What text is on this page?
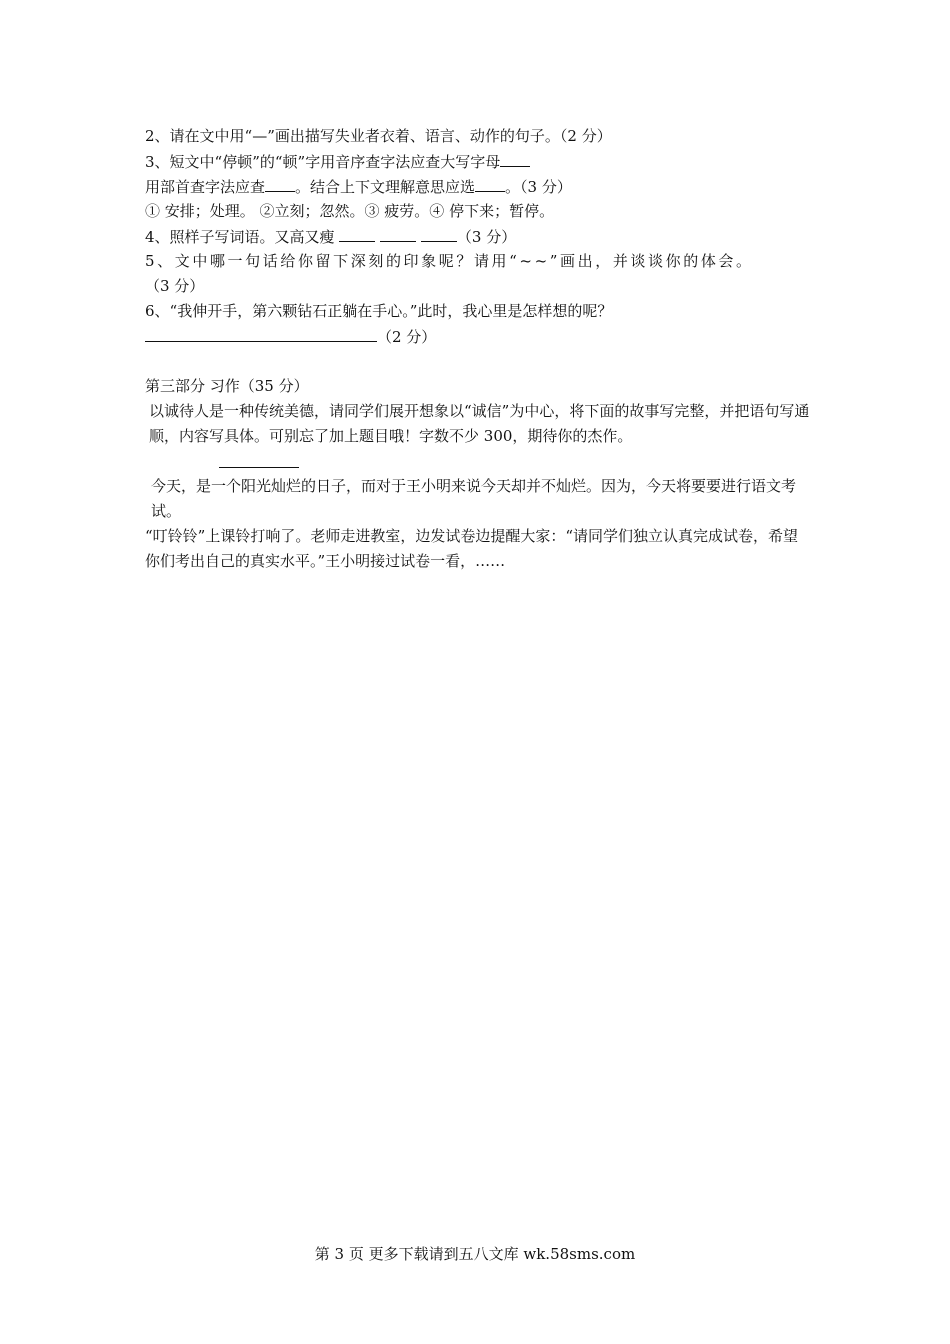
2、请在文中用“—”画出描写失业者衣着、语言、动作的句子。（2 分）
3、短文中“停顿”的“顿”字用音序查字法应查大写字母
用部首查字法应查 。结合上下文理解意思应选 。（3 分）
① 安排；处理。 ②立刻；忽然。③ 疲劳。④ 停下来；暂停。
4、照样子写词语。又高又瘦	（3 分）
5、文中哪一句话给你留下深刻的印象呢？请用“~~”画出，并谈谈你的体会。
（3 分）
6、“我伸开手，第六颗钻石正躺在手心。”此时，我心里是怎样想的呢？
（2 分）
第三部分 习作（35 分）
以诚待人是一种传统美德，请同学们展开想象以“诚信”为中心，将下面的故事写完整，并把语句写通顺，内容写具体。可别忘了加上题目哦！字数不少 300，期待你的杰作。
今天，是一个阳光灿烂的日子，而对于王小明来说今天却并不灿烂。因为，今天将要要进行语文考试。
“叮铃铃”上课铃打响了。老师走进教室，边发试卷边提醒大家：“请同学们独立认真完成试卷，希望你们考出自己的真实水平。”王小明接过试卷一看，……
第 3 页 更多下载请到五八文库 wk.58sms.com
